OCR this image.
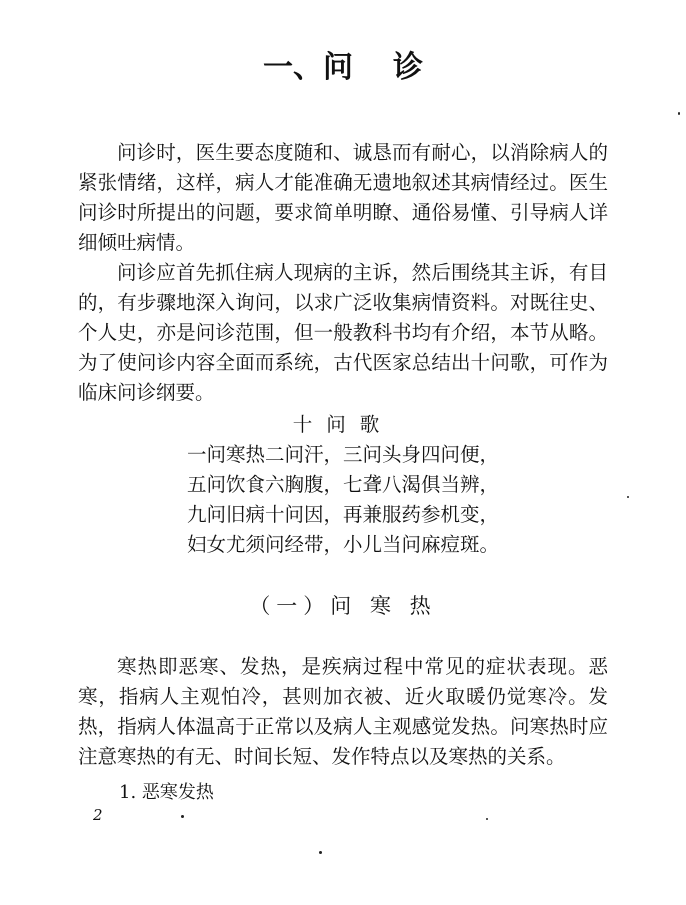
一、问 诊

问诊时，医生要态度随和、诚恳而有耐心，以消除病人的紧张情绪，这样，病人才能准确无遗地叙述其病情经过。医生问诊时所提出的问题，要求简单明瞭、通俗易懂、引导病人详细倾吐病情。

问诊应首先抓住病人现病的主诉，然后围绕其主诉，有目的，有步骤地深入询问，以求广泛收集病情资料。对既往史、个人史，亦是问诊范围，但一般教科书均有介绍，本节从略。为了使问诊内容全面而系统，古代医家总结出十问歌，可作为临床问诊纲要。

十问歌
一问寒热二问汗，三问头身四问便，
五问饮食六胸腹，七聋八渴俱当辨，
九问旧病十问因，再兼服药参机变，
妇女尤须问经带，小儿当问麻痘斑。
（一）问 寒 热

寒热即恶寒、发热，是疾病过程中常见的症状表现。恶寒，指病人主观怕冷，甚则加衣被、近火取暖仍觉寒冷。发热，指病人体温高于正常以及病人主观感觉发热。问寒热时应注意寒热的有无、时间长短、发作特点以及寒热的关系。

1. 恶寒发热
2
